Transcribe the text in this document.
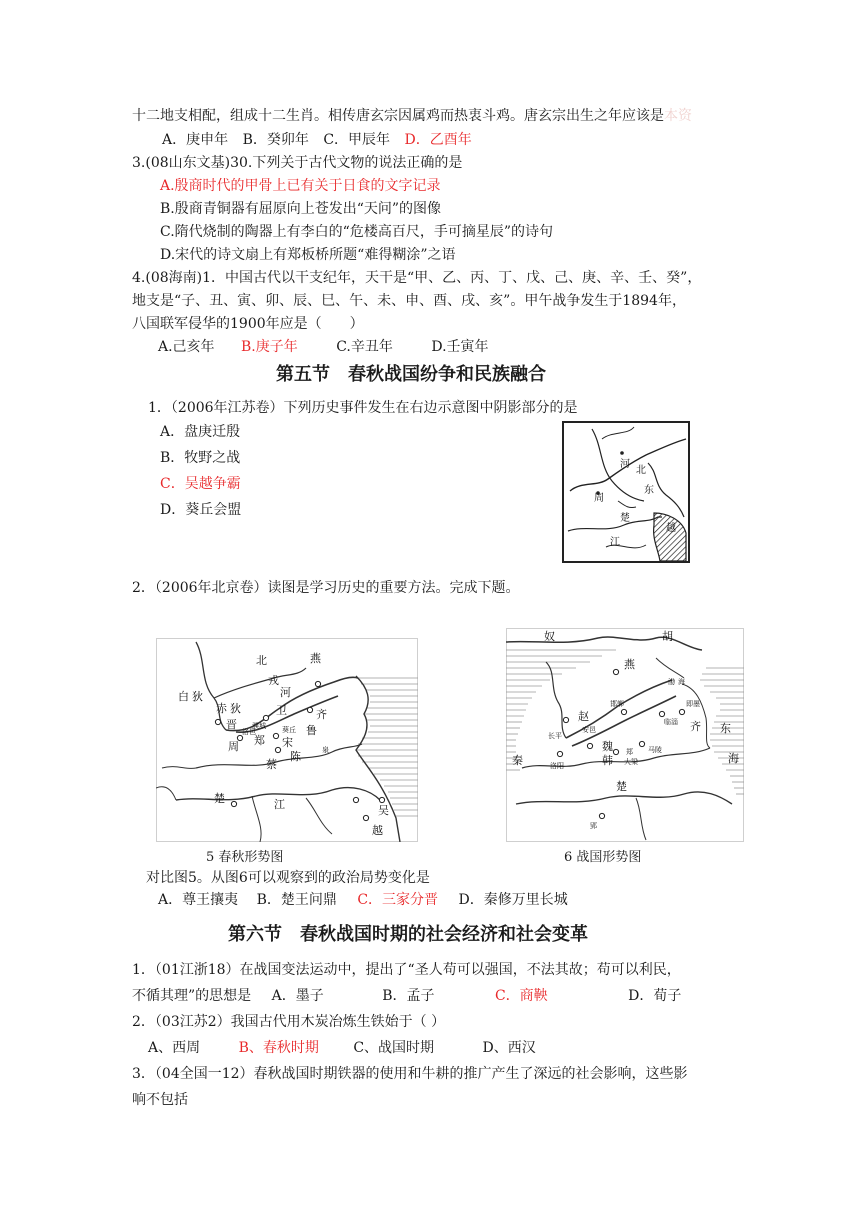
十二地支相配，组成十二生肖。相传唐玄宗因属鸡而热衷斗鸡。唐玄宗出生之年应该是本资
A．庚申年 B．癸卯年 C．甲辰年 D．乙酉年
3.(08山东文基)30.下列关于古代文物的说法正确的是
A.殷商时代的甲骨上已有关于日食的文字记录
B.殷商青铜器有屈原向上苍发出“天问”的图像
C.隋代烧制的陶器上有李白的“危楼高百尺，手可摘星辰”的诗句
D.宋代的诗文扇上有郑板桥所题“难得糊涂”之语
4.(08海南)1．中国古代以干支纪年，天干是“甲、乙、丙、丁、戊、己、庚、辛、壬、癸”，
地支是“子、丑、寅、卯、辰、巳、午、未、申、酉、戌、亥”。甲午战争发生于1894年，
八国联军侵华的1900年应是（　　）
A.己亥年 B.庚子年	C.辛丑年	D.壬寅年
第五节　春秋战国纷争和民族融合
1．（2006年江苏卷）下列历史事件发生在右边示意图中阴影部分的是
A．盘庚迁殷
B．牧野之战
C．吴越争霸
D．葵丘会盟
河
北
周
东
楚
越
江
2．（2006年北京卷）读图是学习历史的重要方法。完成下题。
北	燕
戎
白 狄
赤 狄
河
晋
卫	齐
鲁
宋
周 郑
陈
蔡
楚	江	吴
越
洛邑	葵丘
濮城
泉
奴	胡
燕
赵
齐
魏
韩
秦
楚
东
海
长平
洛阳	大梁
郢
邯郸
渤 海
即墨
临淄
马陵
郑
安邑
5 春秋形势图	6 战国形势图
对比图5。从图6可以观察到的政治局势变化是
A．尊王攘夷 B．楚王问鼎 C．三家分晋 D．秦修万里长城
第六节　春秋战国时期的社会经济和社会变革
1．（01江浙18）在战国变法运动中，提出了“圣人苟可以强国，不法其故；苟可以利民，
不循其理”的思想是 A．墨子	B．孟子	C．商鞅	D．荀子
2．（03江苏2）我国古代用木炭冶炼生铁始于（ ）
A、西周	B、春秋时期 C、战国时期	D、西汉
3．（04全国一12）春秋战国时期铁器的使用和牛耕的推广产生了深远的社会影响，这些影
响不包括
